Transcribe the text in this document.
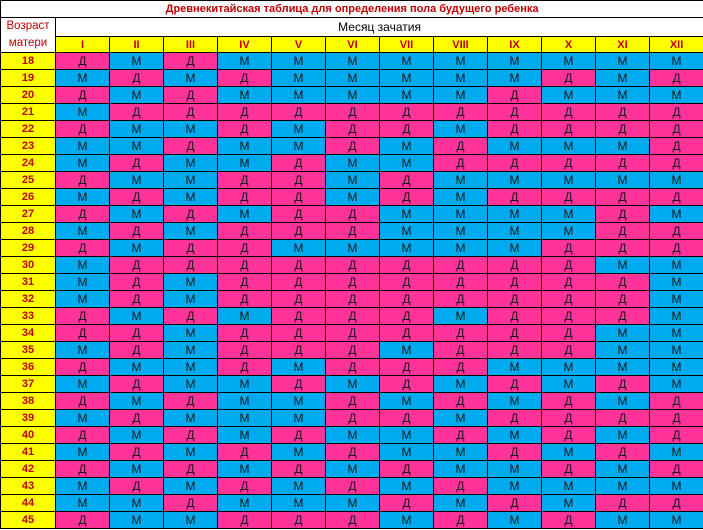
Древнекитайская таблица для определения пола будущего ребенка												
Возраст матери	Месяц зачатия											
	I	II	III	IV	V	VI	VII	VIII	IX	X	XI	XII
18	Д	М	Д	М	М	М	М	М	М	М	М	М
19	М	Д	М	Д	М	М	М	М	М	Д	М	Д
20	Д	М	Д	М	М	М	М	М	Д	М	М	М
21	М	Д	Д	Д	Д	Д	Д	Д	Д	Д	Д	Д
22	Д	М	М	Д	М	Д	Д	М	Д	Д	Д	Д
23	М	М	Д	М	М	Д	М	Д	М	М	М	Д
24	М	Д	М	М	Д	М	М	Д	Д	Д	Д	Д
25	Д	М	М	Д	Д	М	Д	М	М	М	М	М
26	М	Д	М	Д	Д	М	Д	М	Д	Д	Д	Д
27	Д	М	Д	М	Д	Д	М	М	М	М	Д	М
28	М	Д	М	Д	Д	Д	М	М	М	М	Д	Д
29	Д	М	Д	Д	М	М	М	М	М	Д	Д	Д
30	М	Д	Д	Д	Д	Д	Д	Д	Д	Д	М	М
31	М	Д	М	Д	Д	Д	Д	Д	Д	Д	Д	М
32	М	Д	М	Д	Д	Д	Д	Д	Д	Д	Д	М
33	Д	М	Д	М	Д	Д	Д	М	Д	Д	Д	М
34	Д	Д	М	Д	Д	Д	Д	Д	Д	Д	М	М
35	М	Д	М	Д	Д	Д	М	Д	Д	Д	М	М
36	Д	М	М	Д	М	Д	Д	Д	М	М	М	М
37	М	Д	М	М	Д	М	Д	М	Д	М	Д	М
38	Д	М	Д	М	М	Д	М	Д	М	Д	М	Д
39	М	Д	М	М	М	Д	Д	М	Д	Д	Д	Д
40	Д	М	Д	М	Д	М	М	Д	М	Д	М	Д
41	М	Д	М	Д	М	Д	М	М	Д	М	Д	М
42	Д	М	Д	М	Д	М	Д	М	М	Д	М	Д
43	М	Д	М	Д	М	Д	М	Д	М	М	М	М
44	М	М	Д	М	М	М	Д	М	Д	М	Д	Д
45	Д	М	М	Д	Д	Д	М	Д	М	Д	М	М
